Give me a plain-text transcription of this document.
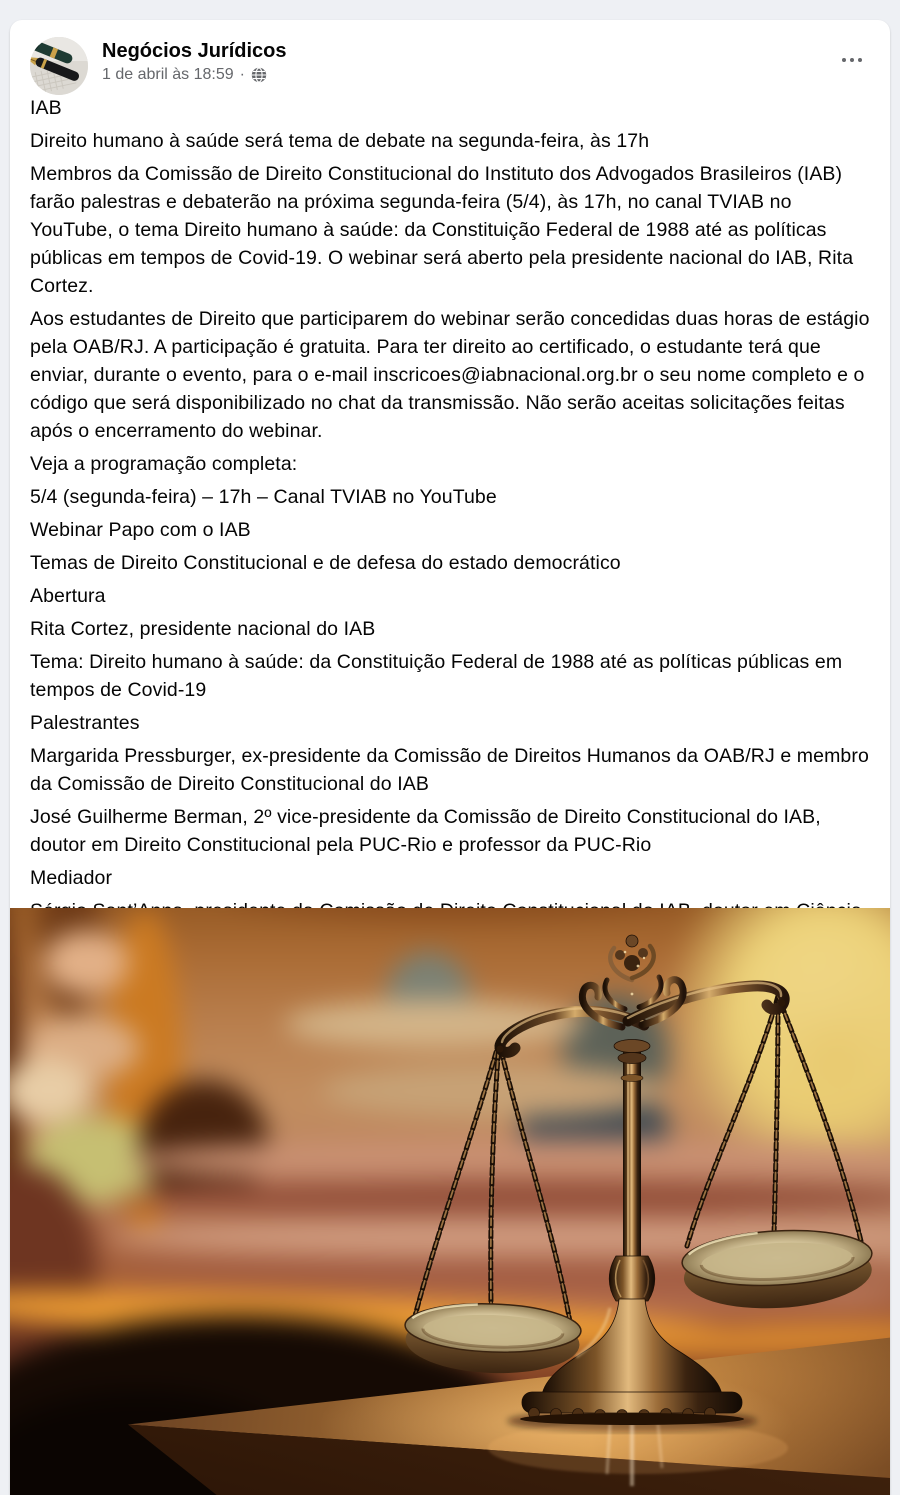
Negócios Jurídicos
1 de abril às 18:59 ·

IAB

Direito humano à saúde será tema de debate na segunda-feira, às 17h

Membros da Comissão de Direito Constitucional do Instituto dos Advogados Brasileiros (IAB) farão palestras e debaterão na próxima segunda-feira (5/4), às 17h, no canal TVIAB no YouTube, o tema Direito humano à saúde: da Constituição Federal de 1988 até as políticas públicas em tempos de Covid-19. O webinar será aberto pela presidente nacional do IAB, Rita Cortez.

Aos estudantes de Direito que participarem do webinar serão concedidas duas horas de estágio pela OAB/RJ. A participação é gratuita. Para ter direito ao certificado, o estudante terá que enviar, durante o evento, para o e-mail inscricoes@iabnacional.org.br o seu nome completo e o código que será disponibilizado no chat da transmissão. Não serão aceitas solicitações feitas após o encerramento do webinar.

Veja a programação completa:

5/4 (segunda-feira) – 17h – Canal TVIAB no YouTube

Webinar Papo com o IAB

Temas de Direito Constitucional e de defesa do estado democrático

Abertura

Rita Cortez, presidente nacional do IAB

Tema: Direito humano à saúde: da Constituição Federal de 1988 até as políticas públicas em tempos de Covid-19

Palestrantes

Margarida Pressburger, ex-presidente da Comissão de Direitos Humanos da OAB/RJ e membro da Comissão de Direito Constitucional do IAB

José Guilherme Berman, 2º vice-presidente da Comissão de Direito Constitucional do IAB, doutor em Direito Constitucional pela PUC-Rio e professor da PUC-Rio

Mediador
